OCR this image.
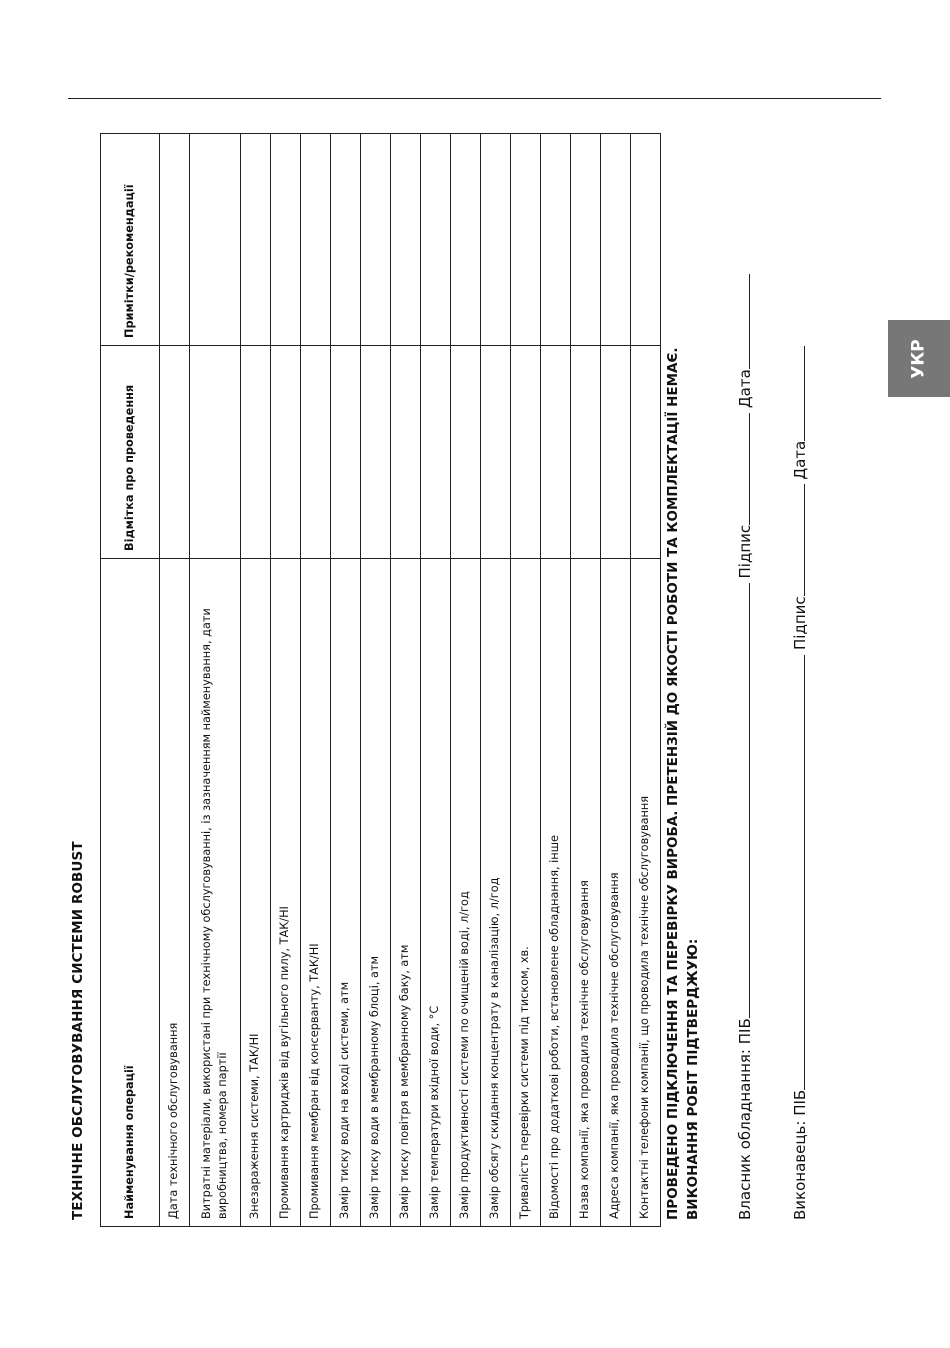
УКР
ТЕХНІЧНЕ ОБСЛУГОВУВАННЯ СИСТЕМИ ROBUST	Найменування операції	Відмітка про проведення	Примітки/рекомендації
Дата технічного обслуговування		
Витратні матеріали, використані при технічному обслуговуванні, із зазначенням найменування, дати виробництва, номера партії		
Знезараження системи, ТАК/НІ		
Промивання картриджів від вугільного пилу, ТАК/НІ		
Промивання мембран від консерванту, ТАК/НІ		
Замір тиску води на вході системи, атм		
Замір тиску води в мембранному блоці, атм		
Замір тиску повітря в мембранному баку, атм		
Замір температури вхідної води, °С		
Замір продуктивності системи по очищеній воді, л/год		
Замір обсягу скидання концентрату в каналізацію, л/год		
Тривалість перевірки системи під тиском, хв.		
Відомості про додаткові роботи, встановлене обладнання, інше		
Назва компанії, яка проводила технічне обслуговування		
Адреса компанії, яка проводила технічне обслуговування		
Контактні телефони компанії, що проводила технічне обслуговування		ПРОВЕДЕНО ПІДКЛЮЧЕННЯ ТА ПЕРЕВІРКУ ВИРОБА. ПРЕТЕНЗІЙ ДО ЯКОСТІ РОБОТИ ТА КОМПЛЕКТАЦІЇ НЕМАЄ. ВИКОНАННЯ РОБІТ ПІДТВЕРДЖУЮ: Власник обладнання: ПІБ Підпис Дата
Виконавець: ПІБ Підпис Дата
